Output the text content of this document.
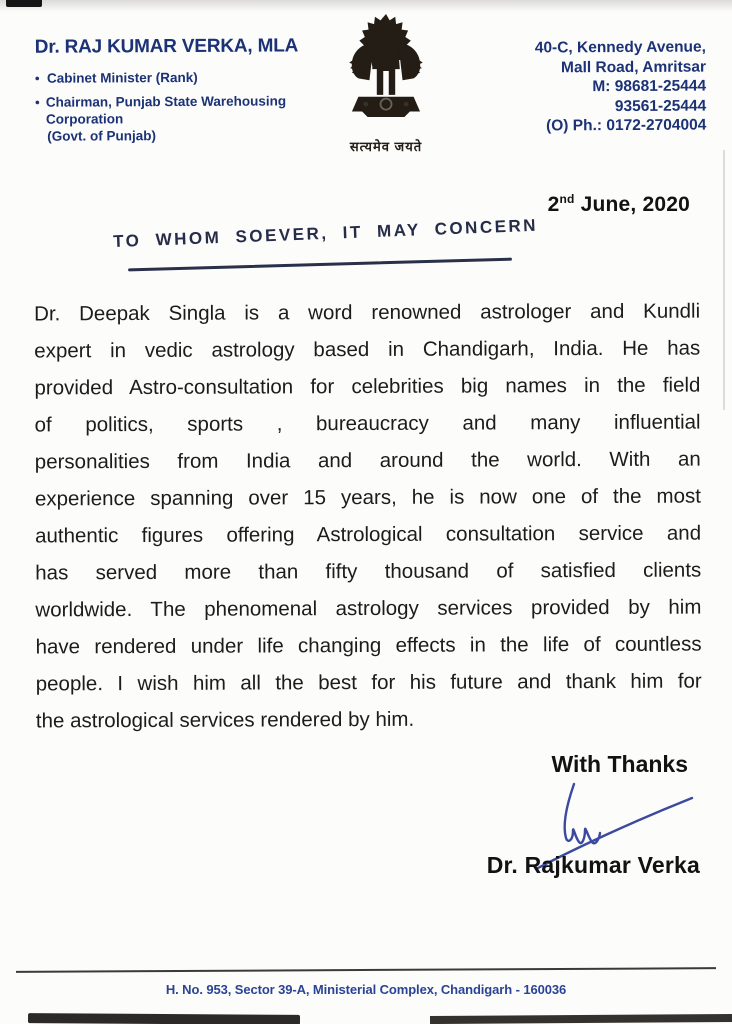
Dr. RAJ KUMAR VERKA, MLA
• Cabinet Minister (Rank)
• Chairman, Punjab State Warehousing Corporation
(Govt. of Punjab)
सत्यमेव जयते
40-C, Kennedy Avenue,
Mall Road, Amritsar
M: 98681-25444
93561-25444
(O) Ph.: 0172-2704004
2nd June, 2020
TO WHOM SOEVER, IT MAY CONCERN
Dr. Deepak Singla is a word renowned astrologer and Kundli
expert in vedic astrology based in Chandigarh, India. He has
provided Astro-consultation for celebrities big names in the field
of politics, sports , bureaucracy and many influential
personalities from India and around the world. With an
experience spanning over 15 years, he is now one of the most
authentic figures offering Astrological consultation service and
has served more than fifty thousand of satisfied clients
worldwide. The phenomenal astrology services provided by him
have rendered under life changing effects in the life of countless
people. I wish him all the best for his future and thank him for
the astrological services rendered by him.
With Thanks
Dr. Rajkumar Verka
H. No. 953, Sector 39-A, Ministerial Complex, Chandigarh - 160036
